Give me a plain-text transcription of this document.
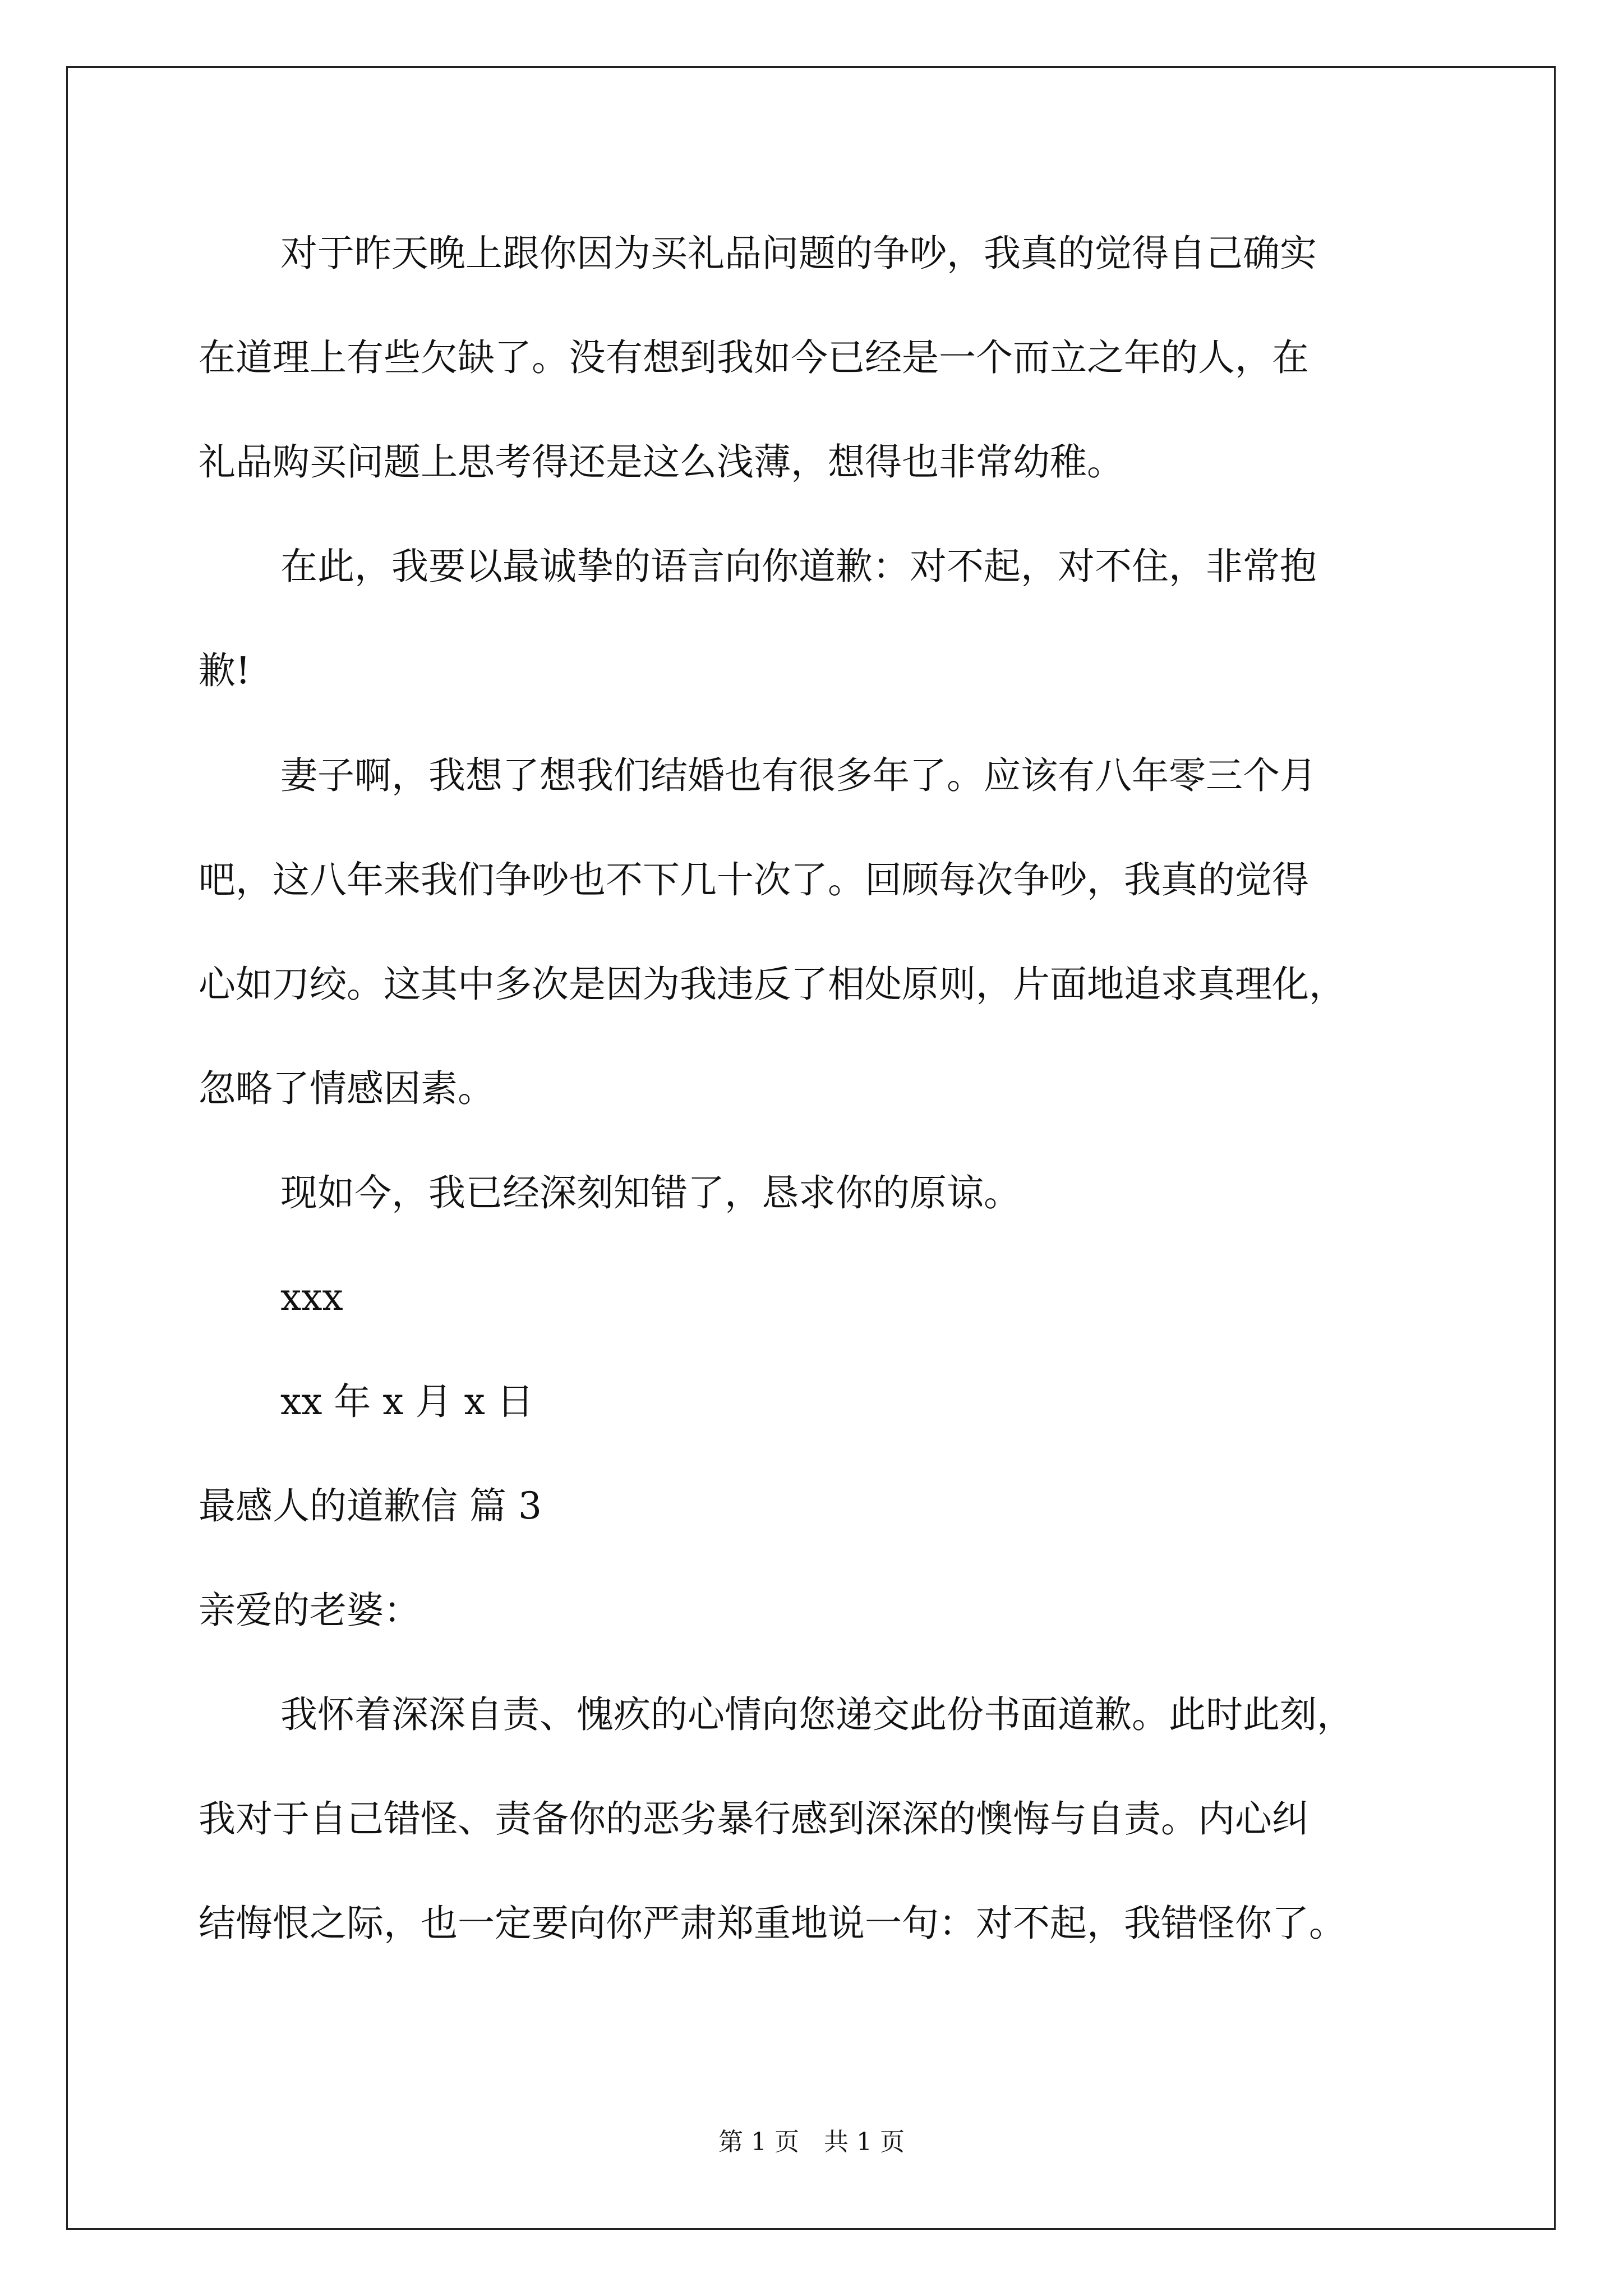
对于昨天晚上跟你因为买礼品问题的争吵，我真的觉得自己确实
在道理上有些欠缺了。没有想到我如今已经是一个而立之年的人，在
礼品购买问题上思考得还是这么浅薄，想得也非常幼稚。
在此，我要以最诚挚的语言向你道歉：对不起，对不住，非常抱
歉!
妻子啊，我想了想我们结婚也有很多年了。应该有八年零三个月
吧，这八年来我们争吵也不下几十次了。回顾每次争吵，我真的觉得
心如刀绞。这其中多次是因为我违反了相处原则，片面地追求真理化，
忽略了情感因素。
现如今，我已经深刻知错了，恳求你的原谅。
xxx
xx 年 x 月 x 日
最感人的道歉信 篇 3
亲爱的老婆：
我怀着深深自责、愧疚的心情向您递交此份书面道歉。此时此刻，
我对于自己错怪、责备你的恶劣暴行感到深深的懊悔与自责。内心纠
结悔恨之际，也一定要向你严肃郑重地说一句：对不起，我错怪你了。
第 1 页　共 1 页
